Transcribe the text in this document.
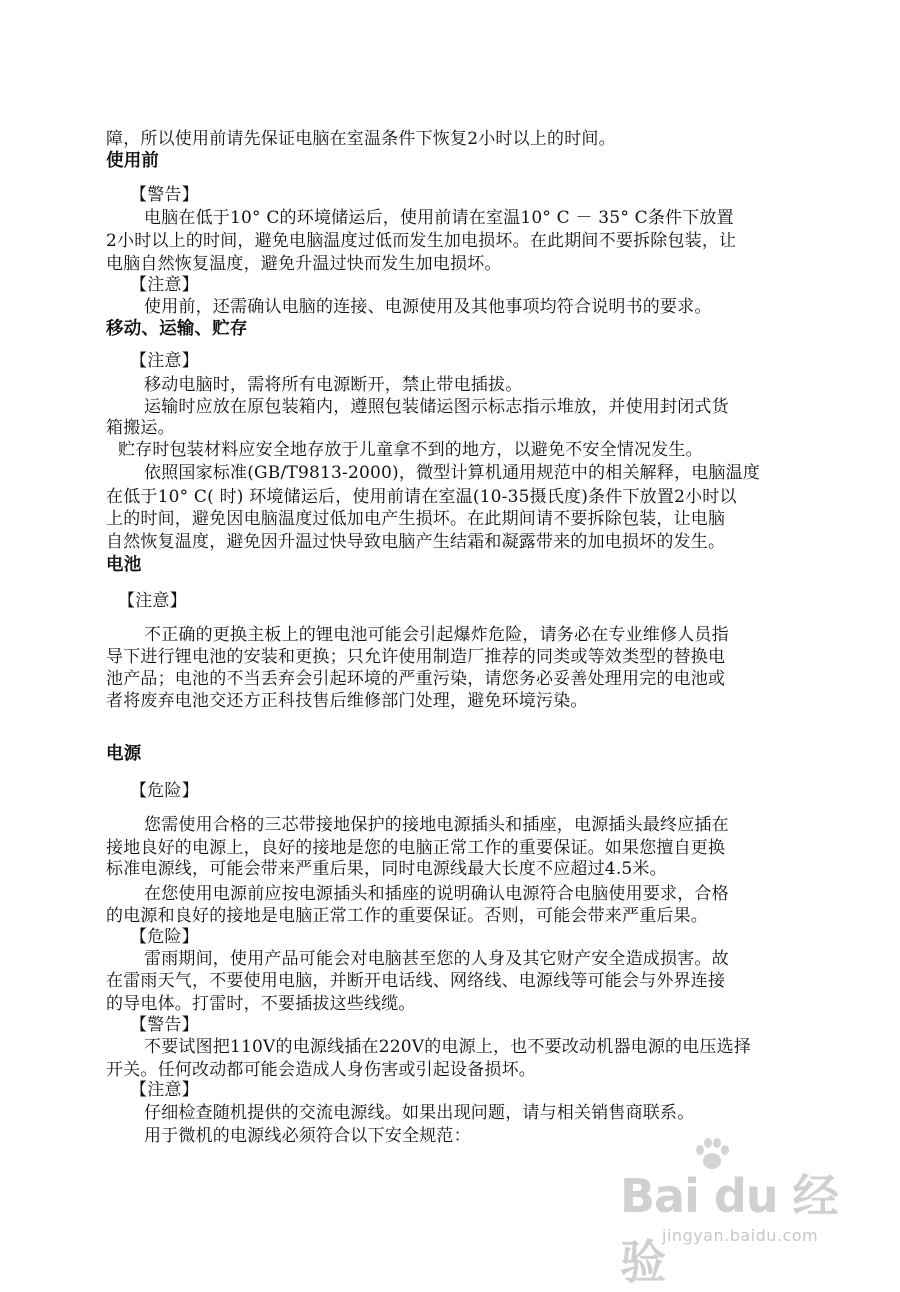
障，所以使用前请先保证电脑在室温条件下恢复2小时以上的时间。
使用前
【警告】
电脑在低于10° C的环境储运后，使用前请在室温10° C － 35° C条件下放置
2小时以上的时间，避免电脑温度过低而发生加电损坏。在此期间不要拆除包装，让
电脑自然恢复温度，避免升温过快而发生加电损坏。
【注意】
使用前，还需确认电脑的连接、电源使用及其他事项均符合说明书的要求。
移动、运输、贮存
【注意】
移动电脑时，需将所有电源断开，禁止带电插拔。
运输时应放在原包装箱内，遵照包装储运图示标志指示堆放，并使用封闭式货
箱搬运。
贮存时包装材料应安全地存放于儿童拿不到的地方，以避免不安全情况发生。
依照国家标准(GB/T9813-2000)，微型计算机通用规范中的相关解释，电脑温度
在低于10° C( 时) 环境储运后，使用前请在室温(10-35摄氏度)条件下放置2小时以
上的时间，避免因电脑温度过低加电产生损坏。在此期间请不要拆除包装，让电脑
自然恢复温度，避免因升温过快导致电脑产生结霜和凝露带来的加电损坏的发生。
电池
【注意】
不正确的更换主板上的锂电池可能会引起爆炸危险，请务必在专业维修人员指
导下进行锂电池的安装和更换；只允许使用制造厂推荐的同类或等效类型的替换电
池产品；电池的不当丢弃会引起环境的严重污染，请您务必妥善处理用完的电池或
者将废弃电池交还方正科技售后维修部门处理，避免环境污染。
电源
【危险】
您需使用合格的三芯带接地保护的接地电源插头和插座，电源插头最终应插在
接地良好的电源上，良好的接地是您的电脑正常工作的重要保证。如果您擅自更换
标准电源线，可能会带来严重后果，同时电源线最大长度不应超过4.5米。
在您使用电源前应按电源插头和插座的说明确认电源符合电脑使用要求，合格
的电源和良好的接地是电脑正常工作的重要保证。否则，可能会带来严重后果。
【危险】
雷雨期间，使用产品可能会对电脑甚至您的人身及其它财产安全造成损害。故
在雷雨天气，不要使用电脑，并断开电话线、网络线、电源线等可能会与外界连接
的导电体。打雷时，不要插拔这些线缆。
【警告】
不要试图把110V的电源线插在220V的电源上，也不要改动机器电源的电压选择
开关。任何改动都可能会造成人身伤害或引起设备损坏。
【注意】
仔细检查随机提供的交流电源线。如果出现问题，请与相关销售商联系。
用于微机的电源线必须符合以下安全规范：
Bai du 经验
jingyan.baidu.com
